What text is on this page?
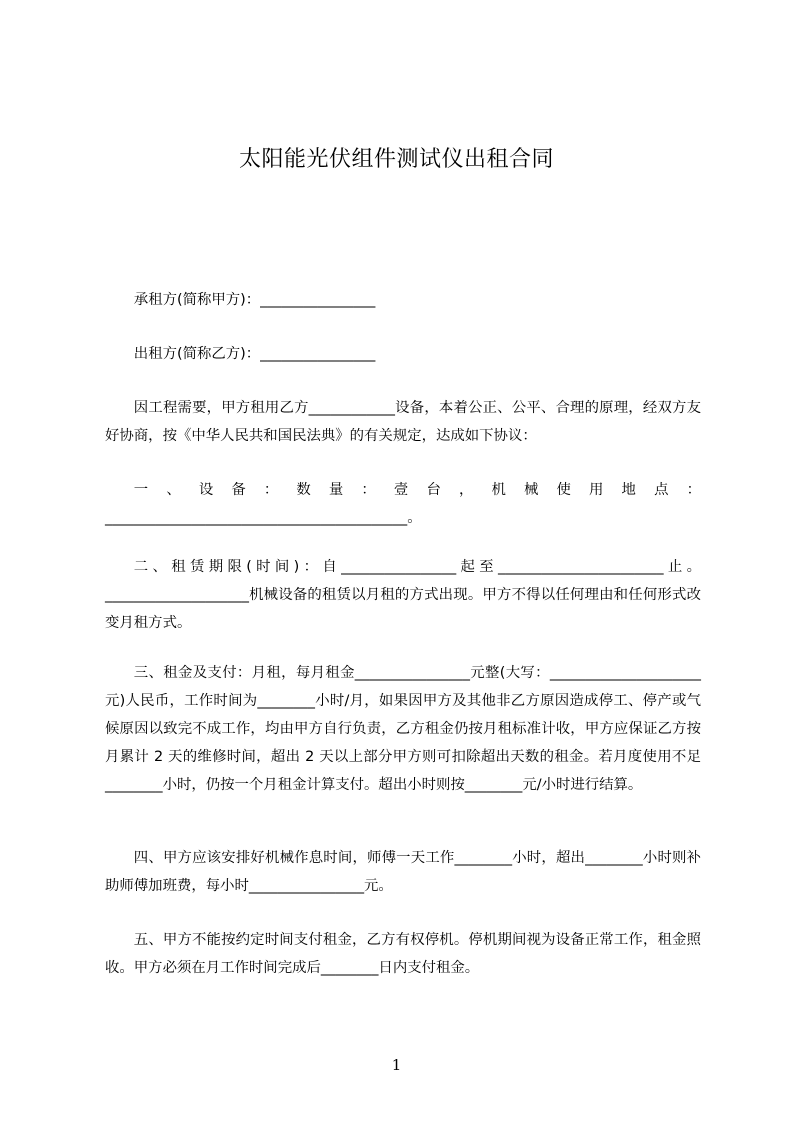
太阳能光伏组件测试仪出租合同

承租方(简称甲方)：________________

出租方(简称乙方)：________________

因工程需要，甲方租用乙方____________设备，本着公正、公平、合理的原理，经双方友好协商，按《中华人民共和国民法典》的有关规定，达成如下协议：

一、设备：数量：壹台，机械使用地点：__________________________________________。

二、租赁期限(时间)：自________________起至_______________________止。____________________机械设备的租赁以月租的方式出现。甲方不得以任何理由和任何形式改变月租方式。

三、租金及支付：月租，每月租金________________元整(大写：_____________________元)人民币，工作时间为________小时/月，如果因甲方及其他非乙方原因造成停工、停产或气候原因以致完不成工作，均由甲方自行负责，乙方租金仍按月租标准计收，甲方应保证乙方按月累计 2 天的维修时间，超出 2 天以上部分甲方则可扣除超出天数的租金。若月度使用不足________小时，仍按一个月租金计算支付。超出小时则按________元/小时进行结算。

四、甲方应该安排好机械作息时间，师傅一天工作________小时，超出________小时则补助师傅加班费，每小时________________元。

五、甲方不能按约定时间支付租金，乙方有权停机。停机期间视为设备正常工作，租金照收。甲方必须在月工作时间完成后________日内支付租金。

1
